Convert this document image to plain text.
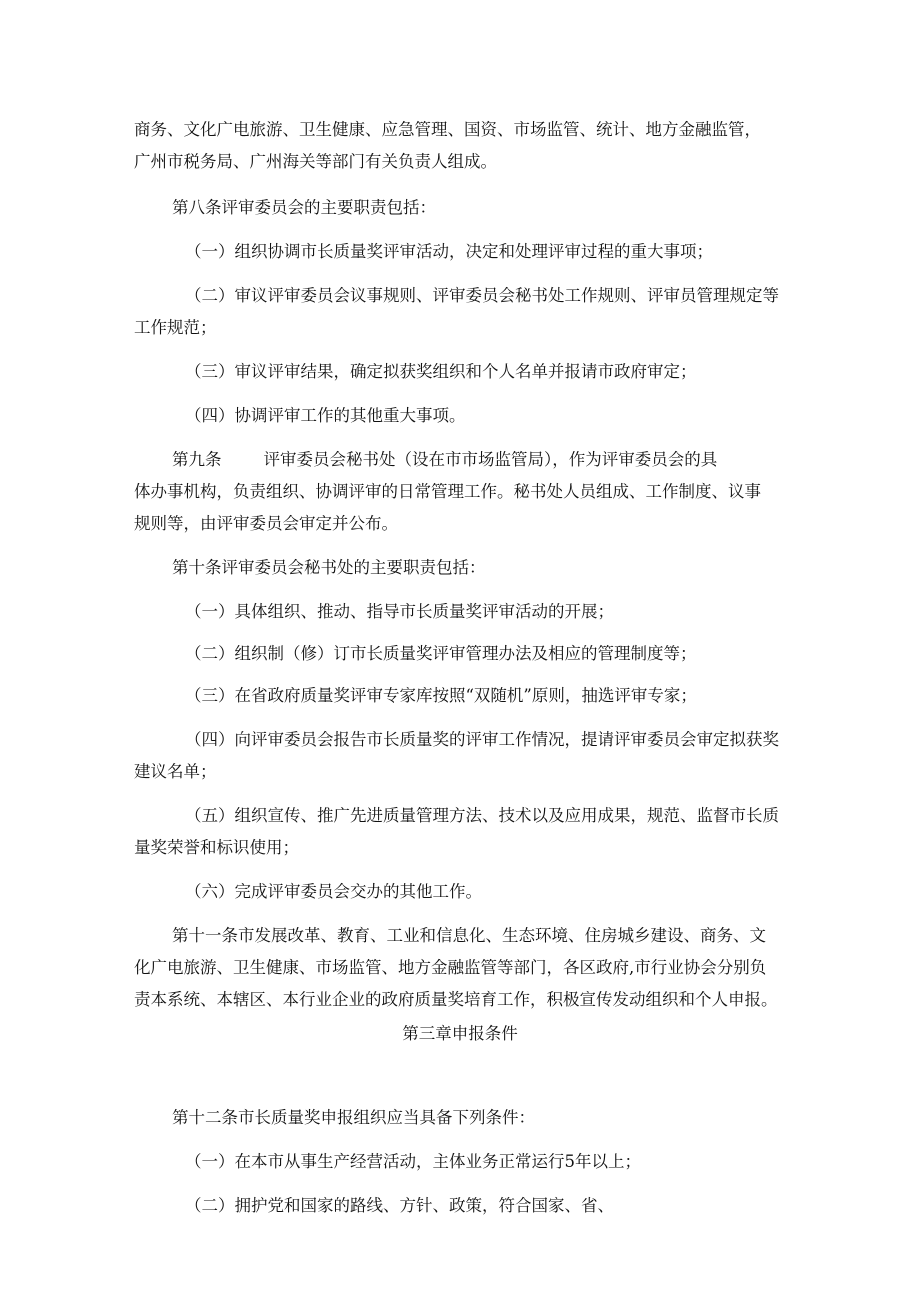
商务、文化广电旅游、卫生健康、应急管理、国资、市场监管、统计、地方金融监管，

广州市税务局、广州海关等部门有关负责人组成。

第八条评审委员会的主要职责包括：

（一）组织协调市长质量奖评审活动，决定和处理评审过程的重大事项；

（二）审议评审委员会议事规则、评审委员会秘书处工作规则、评审员管理规定等

工作规范；

（三）审议评审结果，确定拟获奖组织和个人名单并报请市政府审定；

（四）协调评审工作的其他重大事项。

第九条	评审委员会秘书处（设在市市场监管局），作为评审委员会的具

体办事机构，负责组织、协调评审的日常管理工作。秘书处人员组成、工作制度、议事

规则等，由评审委员会审定并公布。

第十条评审委员会秘书处的主要职责包括：

（一）具体组织、推动、指导市长质量奖评审活动的开展；

（二）组织制（修）订市长质量奖评审管理办法及相应的管理制度等；

（三）在省政府质量奖评审专家库按照“双随机”原则，抽选评审专家；

（四）向评审委员会报告市长质量奖的评审工作情况，提请评审委员会审定拟获奖

建议名单；

（五）组织宣传、推广先进质量管理方法、技术以及应用成果，规范、监督市长质

量奖荣誉和标识使用；

（六）完成评审委员会交办的其他工作。

第十一条市发展改革、教育、工业和信息化、生态环境、住房城乡建设、商务、文

化广电旅游、卫生健康、市场监管、地方金融监管等部门，各区政府,市行业协会分别负

责本系统、本辖区、本行业企业的政府质量奖培育工作，积极宣传发动组织和个人申报。

第三章申报条件

第十二条市长质量奖申报组织应当具备下列条件：

（一）在本市从事生产经营活动，主体业务正常运行5年以上；

（二）拥护党和国家的路线、方针、政策，符合国家、省、
